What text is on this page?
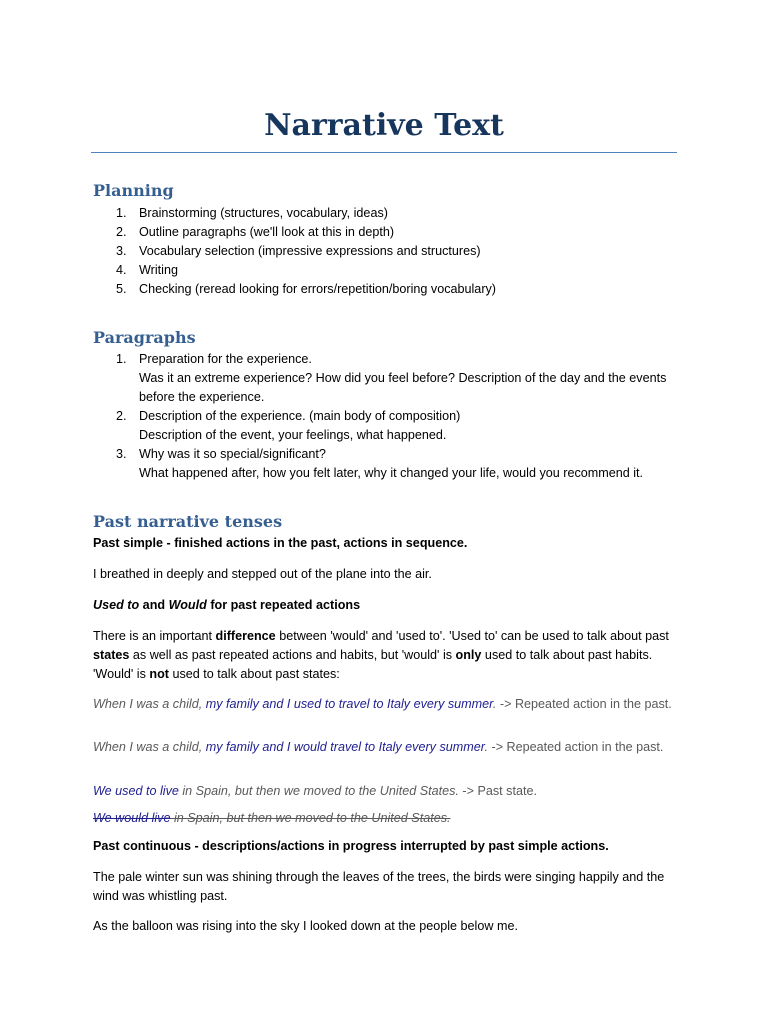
Narrative Text
Planning
1. Brainstorming (structures, vocabulary, ideas)
2. Outline paragraphs (we'll look at this in depth)
3. Vocabulary selection (impressive expressions and structures)
4. Writing
5. Checking (reread looking for errors/repetition/boring vocabulary)
Paragraphs
1. Preparation for the experience.
Was it an extreme experience? How did you feel before? Description of the day and the events before the experience.
2. Description of the experience. (main body of composition)
Description of the event, your feelings, what happened.
3. Why was it so special/significant?
What happened after, how you felt later, why it changed your life, would you recommend it.
Past narrative tenses

Past simple - finished actions in the past, actions in sequence.

I breathed in deeply and stepped out of the plane into the air.

Used to and Would for past repeated actions

There is an important difference between 'would' and 'used to'. 'Used to' can be used to talk about past states as well as past repeated actions and habits, but 'would' is only used to talk about past habits. 'Would' is not used to talk about past states:

When I was a child, my family and I used to travel to Italy every summer. -> Repeated action in the past.

When I was a child, my family and I would travel to Italy every summer. -> Repeated action in the past.

We used to live in Spain, but then we moved to the United States. -> Past state.

We would live in Spain, but then we moved to the United States.

Past continuous - descriptions/actions in progress interrupted by past simple actions.

The pale winter sun was shining through the leaves of the trees, the birds were singing happily and the wind was whistling past.

As the balloon was rising into the sky I looked down at the people below me.
